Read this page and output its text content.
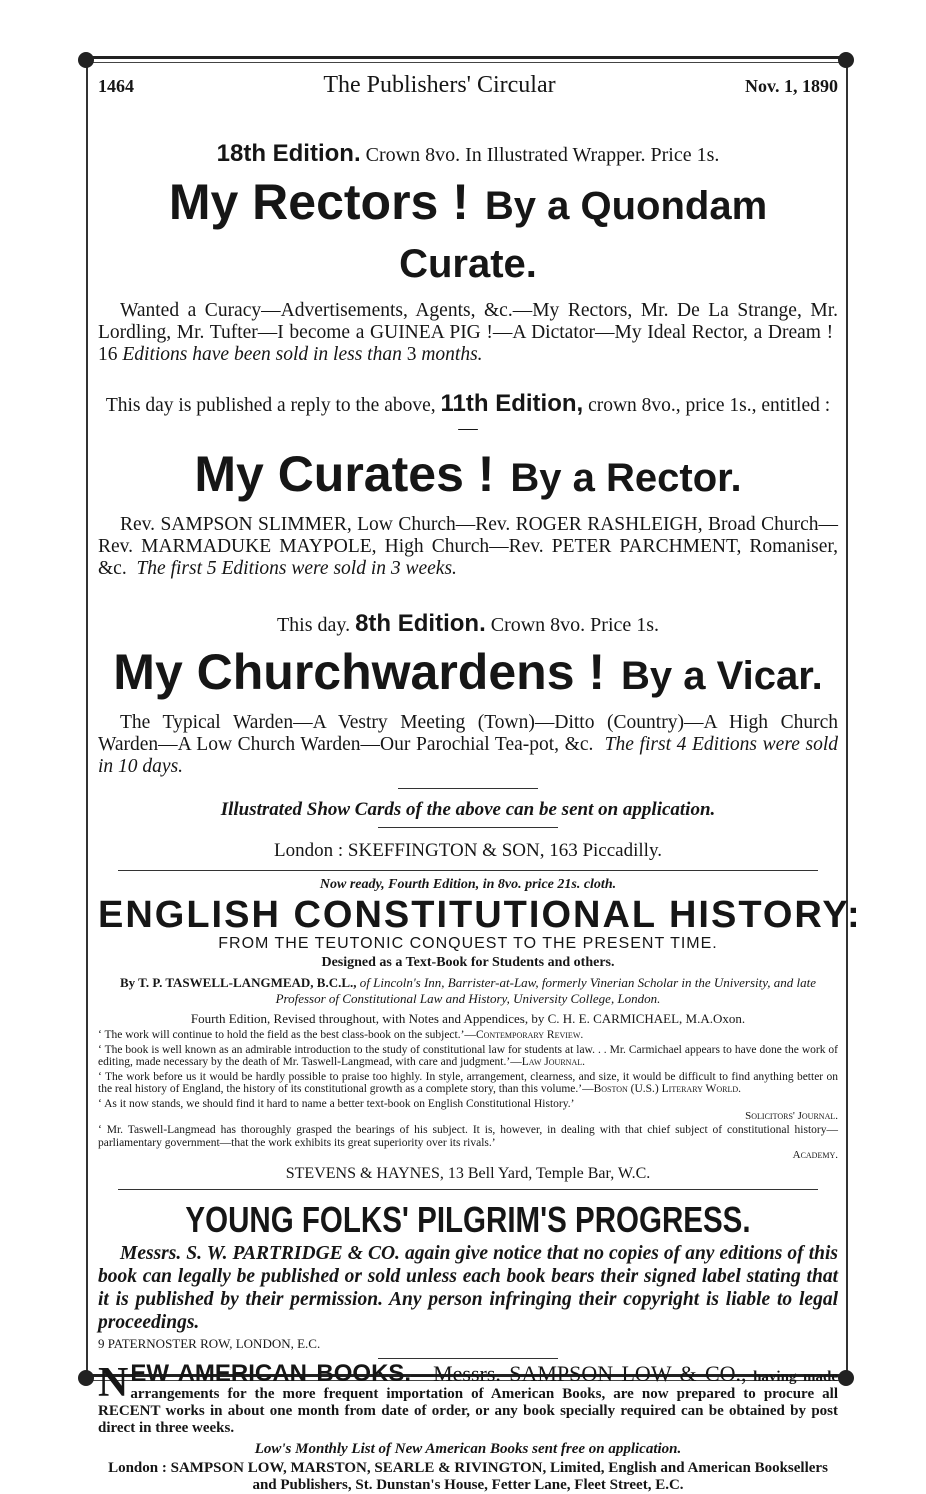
1464	The Publishers' Circular	Nov. 1, 1890
18th Edition. Crown 8vo. In Illustrated Wrapper. Price 1s.
My Rectors ! By a Quondam Curate.
Wanted a Curacy—Advertisements, Agents, &c.—My Rectors, Mr. De La Strange, Mr. Lordling, Mr. Tufter—I become a GUINEA PIG !—A Dictator—My Ideal Rector, a Dream !  16 Editions have been sold in less than 3 months.
This day is published a reply to the above, 11th Edition, crown 8vo., price 1s., entitled :—
My Curates ! By a Rector.
Rev. SAMPSON SLIMMER, Low Church—Rev. ROGER RASHLEIGH, Broad Church—Rev. MARMADUKE MAYPOLE, High Church—Rev. PETER PARCHMENT, Romaniser, &c. The first 5 Editions were sold in 3 weeks.
This day. 8th Edition. Crown 8vo. Price 1s.
My Churchwardens ! By a Vicar.
The Typical Warden—A Vestry Meeting (Town)—Ditto (Country)—A High Church Warden—A Low Church Warden—Our Parochial Tea-pot, &c. The first 4 Editions were sold in 10 days.
Illustrated Show Cards of the above can be sent on application.
London : SKEFFINGTON & SON, 163 Piccadilly.
Now ready, Fourth Edition, in 8vo. price 21s. cloth.
ENGLISH CONSTITUTIONAL HISTORY:
FROM THE TEUTONIC CONQUEST TO THE PRESENT TIME.
Designed as a Text-Book for Students and others.
By T. P. TASWELL-LANGMEAD, B.C.L., of Lincoln's Inn, Barrister-at-Law, formerly Vinerian Scholar in the University, and late Professor of Constitutional Law and History, University College, London.
Fourth Edition, Revised throughout, with Notes and Appendices, by C. H. E. CARMICHAEL, M.A.Oxon.
‘ The work will continue to hold the field as the best class-book on the subject.’—Contemporary Review.
‘ The book is well known as an admirable introduction to the study of constitutional law for students at law. . . Mr. Carmichael appears to have done the work of editing, made necessary by the death of Mr. Taswell-Langmead, with care and judgment.’—Law Journal.
‘ The work before us it would be hardly possible to praise too highly. In style, arrangement, clearness, and size, it would be difficult to find anything better on the real history of England, the history of its constitutional growth as a complete story, than this volume.’—Boston (U.S.) Literary World.
‘ As it now stands, we should find it hard to name a better text-book on English Constitutional History.’
Solicitors' Journal.
‘ Mr. Taswell-Langmead has thoroughly grasped the bearings of his subject. It is, however, in dealing with that chief subject of constitutional history—parliamentary government—that the work exhibits its great superiority over its rivals.’
Academy.
STEVENS & HAYNES, 13 Bell Yard, Temple Bar, W.C.
YOUNG FOLKS' PILGRIM'S PROGRESS.
Messrs. S. W. PARTRIDGE & CO. again give notice that no copies of any editions of this book can legally be published or sold unless each book bears their signed label stating that it is published by their permission. Any person infringing their copyright is liable to legal proceedings.
9 PATERNOSTER ROW, LONDON, E.C.
N EW AMERICAN BOOKS.—Messrs. SAMPSON LOW & CO., having made arrangements for the more frequent importation of American Books, are now prepared to procure all RECENT works in about one month from date of order, or any book specially required can be obtained by post direct in three weeks.
Low's Monthly List of New American Books sent free on application.
London : SAMPSON LOW, MARSTON, SEARLE & RIVINGTON, Limited, English and American Booksellers and Publishers, St. Dunstan's House, Fetter Lane, Fleet Street, E.C.
